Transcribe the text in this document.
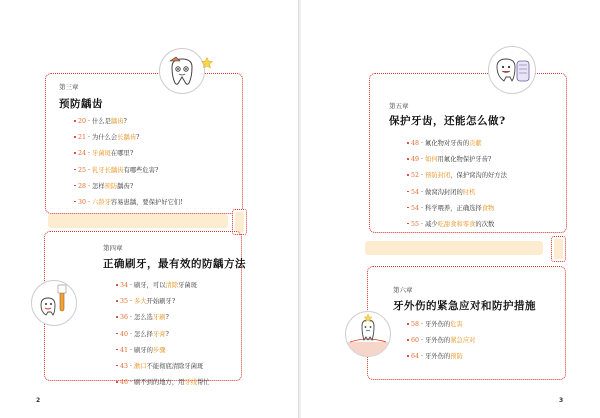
第三章
预防龋齿
20 · 什么是龋齿?
21 · 为什么会长龋齿?
24 · 牙菌斑在哪里?
25 · 乳牙长龋齿有哪些危害?
28 · 怎样预防龋齿?
30 · 六龄牙容易患龋，要保护好它们!
第四章
正确刷牙，最有效的防龋方法
34 · 刷牙，可以清除牙菌斑
35 · 多大开始刷牙?
36 · 怎么选牙刷?
40 · 怎么择牙膏?
41 · 刷牙的步骤
43 · 漱口不能彻底清除牙菌斑
46 · 刷不到的地方，用牙线帮忙
2
第五章
保护牙齿，还能怎么做?
48 · 氟化物对牙齿的贡献
49 · 如何用氟化物保护牙齿?
52 · 预防封闭，保护窝沟的好方法
54 · 做窝沟封闭的时机
54 · 科学喂养，正确选择食物
55 · 减少吃甜食和零食的次数
第六章
牙外伤的紧急应对和防护措施
58 · 牙外伤的危害
60 · 牙外伤的紧急应对
64 · 牙外伤的预防
3
